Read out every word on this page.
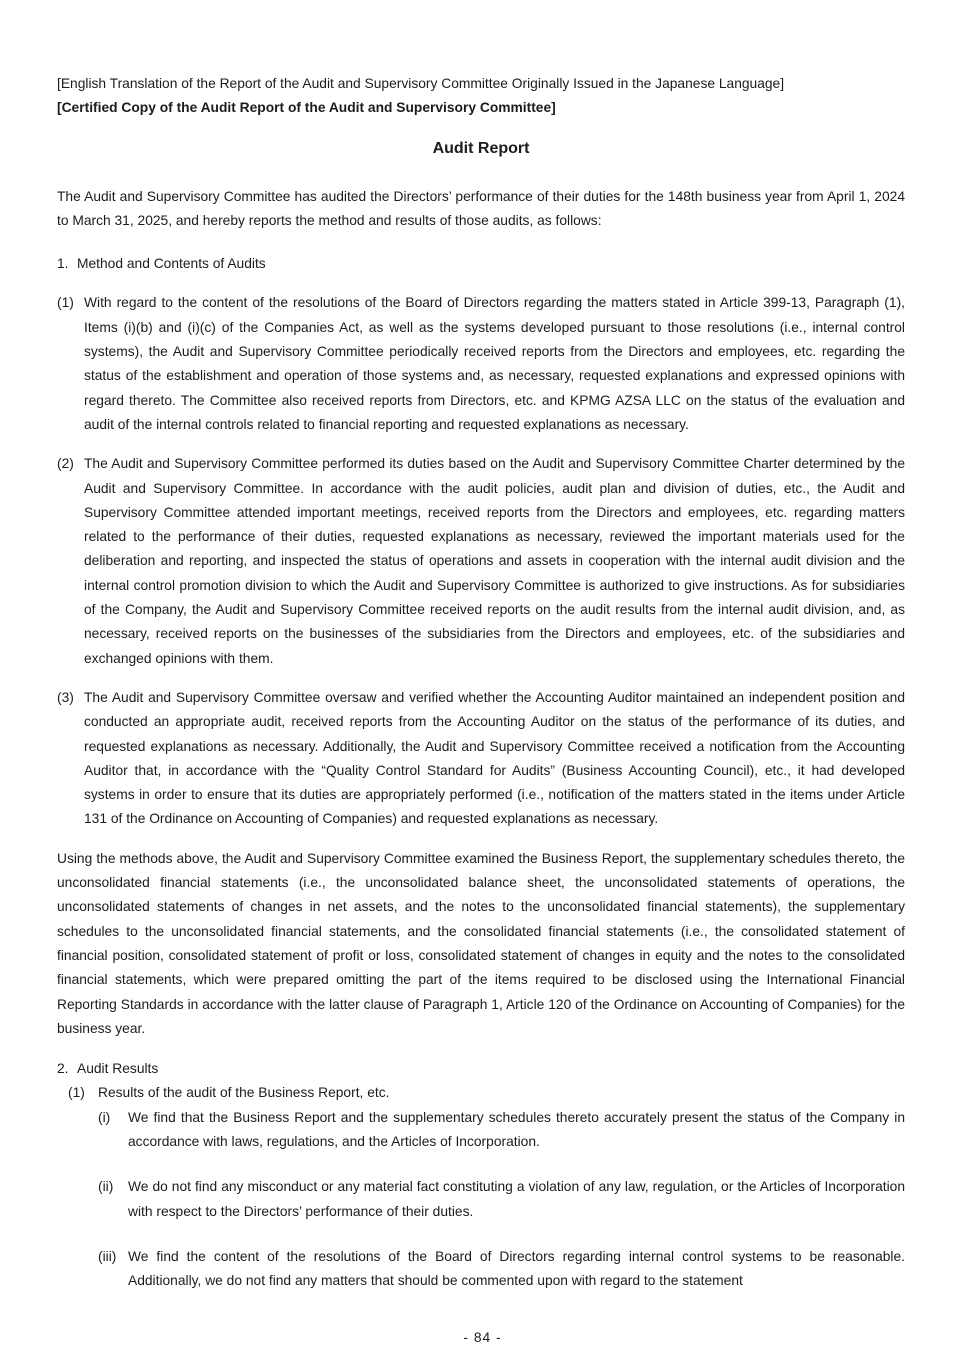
[English Translation of the Report of the Audit and Supervisory Committee Originally Issued in the Japanese Language]
[Certified Copy of the Audit Report of the Audit and Supervisory Committee]
Audit Report

The Audit and Supervisory Committee has audited the Directors’ performance of their duties for the 148th business year from April 1, 2024 to March 31, 2025, and hereby reports the method and results of those audits, as follows:

1. Method and Contents of Audits
(1) With regard to the content of the resolutions of the Board of Directors regarding the matters stated in Article 399-13, Paragraph (1), Items (i)(b) and (i)(c) of the Companies Act, as well as the systems developed pursuant to those resolutions (i.e., internal control systems), the Audit and Supervisory Committee periodically received reports from the Directors and employees, etc. regarding the status of the establishment and operation of those systems and, as necessary, requested explanations and expressed opinions with regard thereto. The Committee also received reports from Directors, etc. and KPMG AZSA LLC on the status of the evaluation and audit of the internal controls related to financial reporting and requested explanations as necessary.

(2) The Audit and Supervisory Committee performed its duties based on the Audit and Supervisory Committee Charter determined by the Audit and Supervisory Committee. In accordance with the audit policies, audit plan and division of duties, etc., the Audit and Supervisory Committee attended important meetings, received reports from the Directors and employees, etc. regarding matters related to the performance of their duties, requested explanations as necessary, reviewed the important materials used for the deliberation and reporting, and inspected the status of operations and assets in cooperation with the internal audit division and the internal control promotion division to which the Audit and Supervisory Committee is authorized to give instructions. As for subsidiaries of the Company, the Audit and Supervisory Committee received reports on the audit results from the internal audit division, and, as necessary, received reports on the businesses of the subsidiaries from the Directors and employees, etc. of the subsidiaries and exchanged opinions with them.

(3) The Audit and Supervisory Committee oversaw and verified whether the Accounting Auditor maintained an independent position and conducted an appropriate audit, received reports from the Accounting Auditor on the status of the performance of its duties, and requested explanations as necessary. Additionally, the Audit and Supervisory Committee received a notification from the Accounting Auditor that, in accordance with the “Quality Control Standard for Audits” (Business Accounting Council), etc., it had developed systems in order to ensure that its duties are appropriately performed (i.e., notification of the matters stated in the items under Article 131 of the Ordinance on Accounting of Companies) and requested explanations as necessary.

Using the methods above, the Audit and Supervisory Committee examined the Business Report, the supplementary schedules thereto, the unconsolidated financial statements (i.e., the unconsolidated balance sheet, the unconsolidated statements of operations, the unconsolidated statements of changes in net assets, and the notes to the unconsolidated financial statements), the supplementary schedules to the unconsolidated financial statements, and the consolidated financial statements (i.e., the consolidated statement of financial position, consolidated statement of profit or loss, consolidated statement of changes in equity and the notes to the consolidated financial statements, which were prepared omitting the part of the items required to be disclosed using the International Financial Reporting Standards in accordance with the latter clause of Paragraph 1, Article 120 of the Ordinance on Accounting of Companies) for the business year.

2. Audit Results
(1) Results of the audit of the Business Report, etc.

(i)	We find that the Business Report and the supplementary schedules thereto accurately present the status of the Company in accordance with laws, regulations, and the Articles of Incorporation.

(ii)	We do not find any misconduct or any material fact constituting a violation of any law, regulation, or the Articles of Incorporation with respect to the Directors’ performance of their duties.

(iii) We find the content of the resolutions of the Board of Directors regarding internal control systems to be reasonable. Additionally, we do not find any matters that should be commented upon with regard to the statement

- 84 -
